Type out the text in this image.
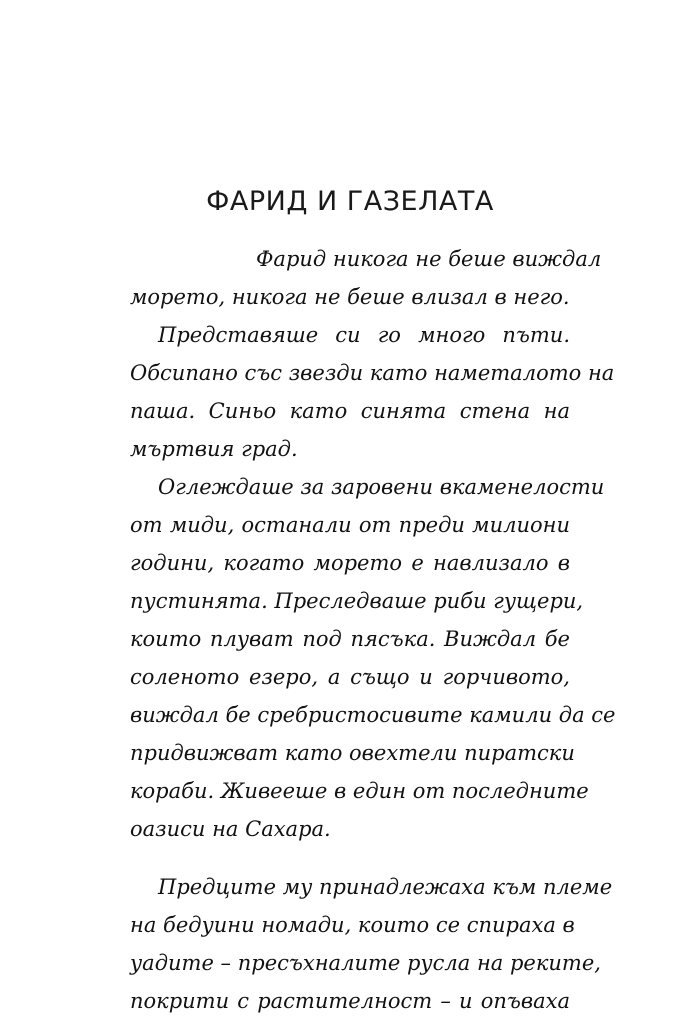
ФАРИД И ГАЗЕЛАТА
Фарид никога не беше виждал
морето, никога не беше влизал в него.
Представяше си го много пъти.
Обсипано със звезди като наметалото на
паша. Синьо като синята стена на
мъртвия град.
Оглеждаше за заровени вкаменелости
от миди, останали от преди милиони
години, когато морето е навлизало в
пустинята. Преследваше риби гущери,
които плуват под пясъка. Виждал бе
соленото езеро, а също и горчивото,
виждал бе сребристосивите камили да се
придвижват като овехтели пиратски
кораби. Живееше в един от последните
оазиси на Сахара.
Предците му принадлежаха към племе
на бедуини номади, които се спираха в
уадите – пресъхналите русла на реките,
покрити с растителност – и опъваха
